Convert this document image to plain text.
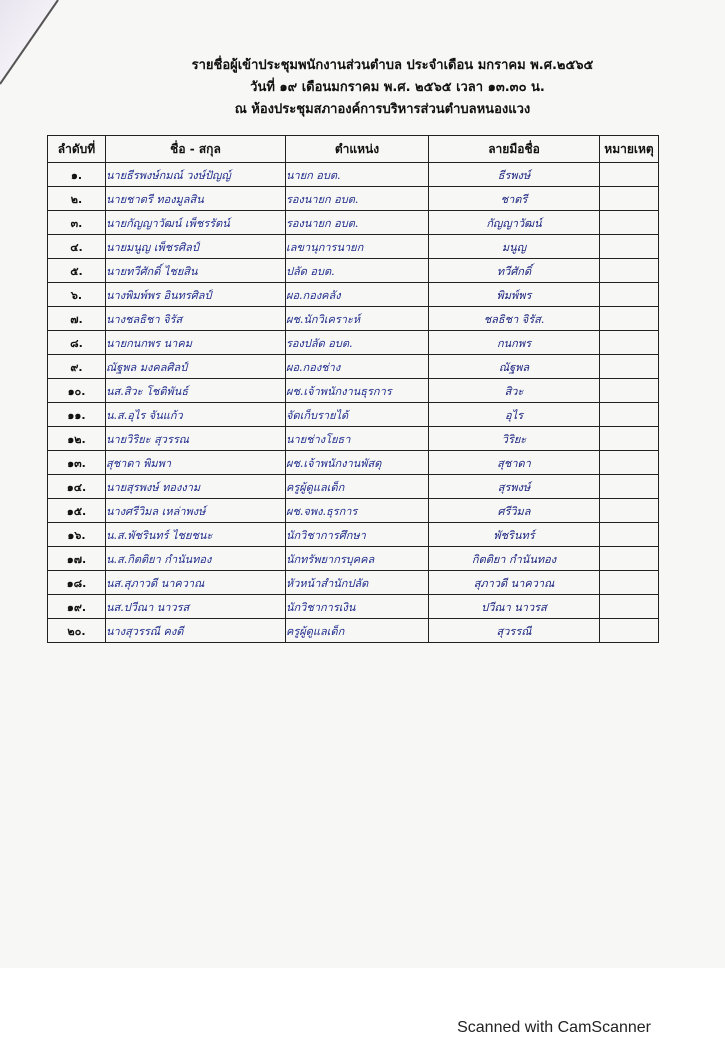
รายชื่อผู้เข้าประชุมพนักงานส่วนตำบล ประจำเดือน มกราคม พ.ศ.๒๕๖๕
วันที่ ๑๙ เดือนมกราคม พ.ศ. ๒๕๖๕ เวลา ๑๓.๓๐ น.
ณ ห้องประชุมสภาองค์การบริหารส่วนตำบลหนองแวง
ลำดับที่	ชื่อ - สกุล	ตำแหน่ง	ลายมือชื่อ	หมายเหตุ
๑.	นายธีรพงษ์กมณ์ วงษ์ปัญญ์	นายก อบต.	ธีรพงษ์	
๒.	นายชาตรี ทองมูลสิน	รองนายก อบต.	ชาตรี	
๓.	นายกัญญาวัฒน์ เพ็ชรรัตน์	รองนายก อบต.	กัญญาวัฒน์	
๔.	นายมนูญ เพ็ชรศิลป์	เลขานุการนายก	มนูญ	
๕.	นายทวีศักดิ์ ไชยสิน	ปลัด อบต.	ทวีศักดิ์	
๖.	นางพิมพ์พร อินทรศิลป์	ผอ.กองคลัง	พิมพ์พร	
๗.	นางชลธิชา จิรัส	ผช.นักวิเคราะห์	ชลธิชา จิรัส.	
๘.	นายกนกพร นาคม	รองปลัด อบต.	กนกพร	
๙.	ณัฐพล มงคลศิลป์	ผอ.กองช่าง	ณัฐพล	
๑๐.	นส.สิวะ โชติพันธ์	ผช.เจ้าพนักงานธุรการ	สิวะ	
๑๑.	น.ส.อุไร จันแก้ว	จัดเก็บรายได้	อุไร	
๑๒.	นายวิริยะ สุวรรณ	นายช่างโยธา	วิริยะ	
๑๓.	สุชาดา พิมพา	ผช.เจ้าพนักงานพัสดุ	สุชาดา	
๑๔.	นายสุรพงษ์ ทองงาม	ครูผู้ดูแลเด็ก	สุรพงษ์	
๑๕.	นางศรีวิมล เหล่าพงษ์	ผช.จพง.ธุรการ	ศรีวิมล	
๑๖.	น.ส.พัชรินทร์ ไชยชนะ	นักวิชาการศึกษา	พัชรินทร์	
๑๗.	น.ส.กิตติยา กำนันทอง	นักทรัพยากรบุคคล	กิตติยา กำนันทอง	
๑๘.	นส.สุภาวดี นาควาณ	หัวหน้าสำนักปลัด	สุภาวดี นาควาณ	
๑๙.	นส.ปวีณา นาวรส	นักวิชาการเงิน	ปวีณา นาวรส	
๒๐.	นางสุวรรณี คงดี	ครูผู้ดูแลเด็ก	สุวรรณี	
Scanned with CamScanner
